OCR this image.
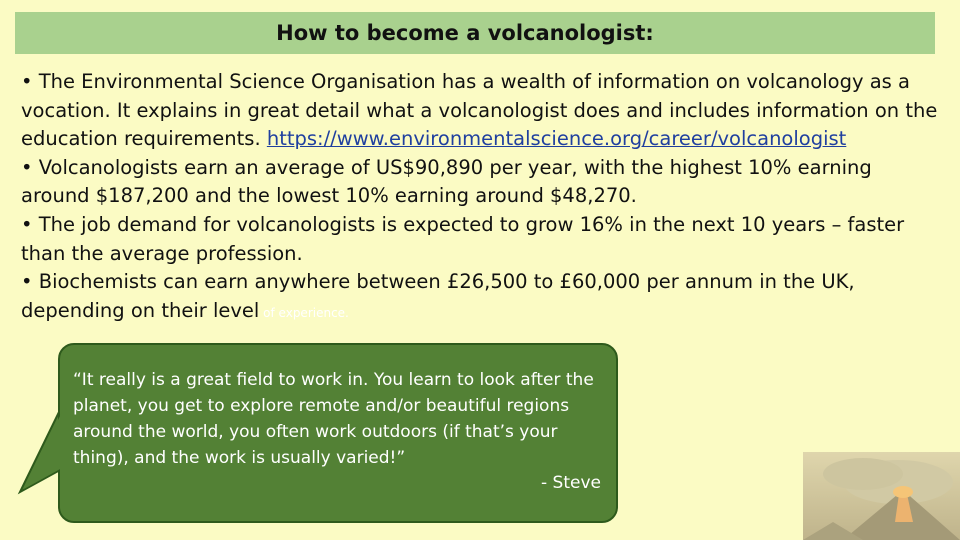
How to become a volcanologist:

• The Environmental Science Organisation has a wealth of information on volcanology as a vocation. It explains in great detail what a volcanologist does and includes information on the education requirements. https://www.environmentalscience.org/career/volcanologist

• Volcanologists earn an average of US$90,890 per year, with the highest 10% earning around $187,200 and the lowest 10% earning around $48,270.

• The job demand for volcanologists is expected to grow 16% in the next 10 years – faster than the average profession.

• Biochemists can earn anywhere between £26,500 to £60,000 per annum in the UK, depending on their level of experience.

“It really is a great field to work in. You learn to look after the planet, you get to explore remote and/or beautiful regions around the world, you often work outdoors (if that’s your thing), and the work is usually varied!”
- Steve
